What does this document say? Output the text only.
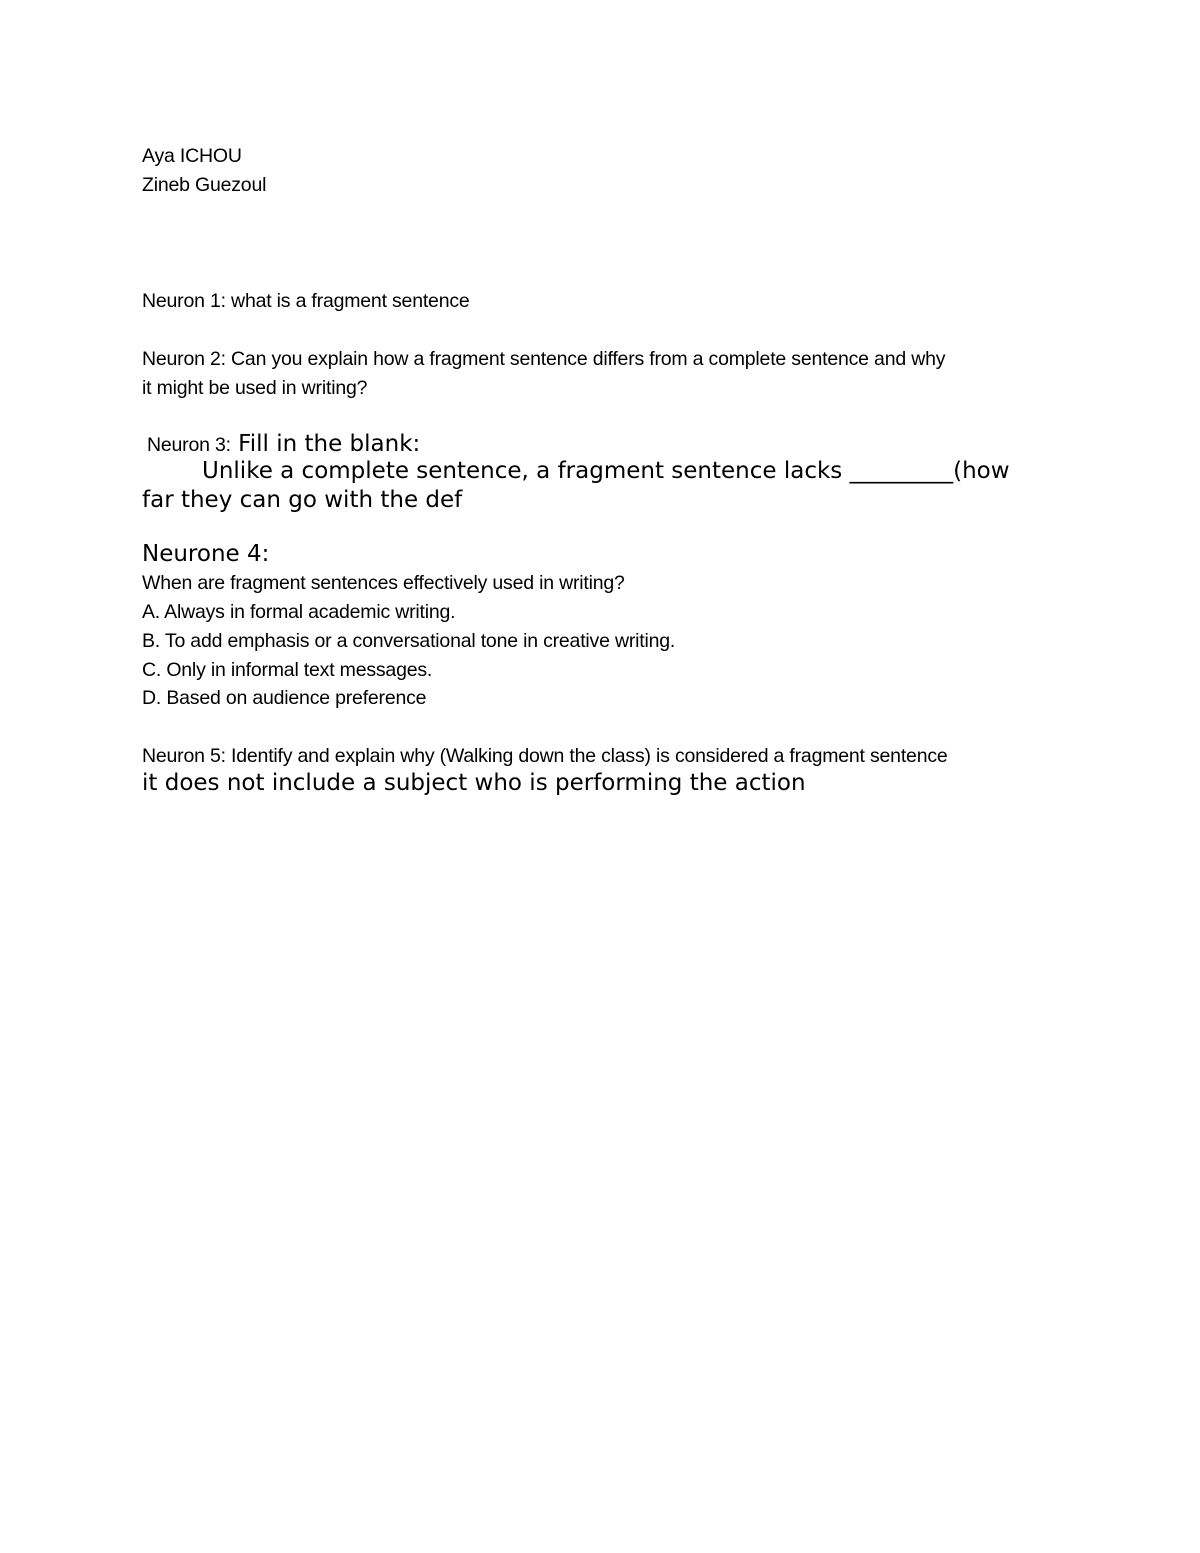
Aya ICHOU
Zineb Guezoul
Neuron 1: what is a fragment sentence
Neuron 2: Can you explain how a fragment sentence differs from a complete sentence and why
it might be used in writing?
Neuron 3: Fill in the blank:
Unlike a complete sentence, a fragment sentence lacks _________(how
far they can go with the def
Neurone 4:
When are fragment sentences effectively used in writing?
A. Always in formal academic writing.
B. To add emphasis or a conversational tone in creative writing.
C. Only in informal text messages.
D. Based on audience preference
Neuron 5: Identify and explain why (Walking down the class) is considered a fragment sentence
it does not include a subject who is performing the action
